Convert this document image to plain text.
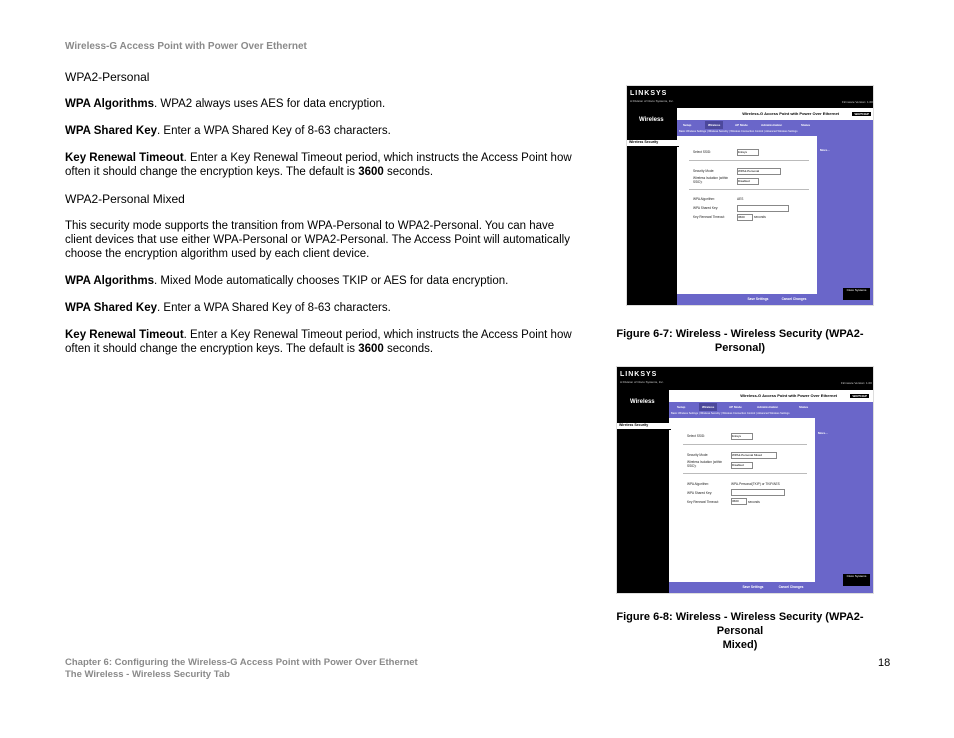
Wireless-G Access Point with Power Over Ethernet

WPA2-Personal

WPA Algorithms. WPA2 always uses AES for data encryption.

WPA Shared Key. Enter a WPA Shared Key of 8-63 characters.

Key Renewal Timeout. Enter a Key Renewal Timeout period, which instructs the Access Point how often it should change the encryption keys. The default is 3600 seconds.

WPA2-Personal Mixed

This security mode supports the transition from WPA-Personal to WPA2-Personal. You can have client devices that use either WPA-Personal or WPA2-Personal. The Access Point will automatically choose the encryption algorithm used by each client device.

WPA Algorithms. Mixed Mode automatically chooses TKIP or AES for data encryption.

WPA Shared Key. Enter a WPA Shared Key of 8-63 characters.

Key Renewal Timeout. Enter a Key Renewal Timeout period, which instructs the Access Point how often it should change the encryption keys. The default is 3600 seconds.

LINKSYS
A Division of Cisco Systems, Inc.	Firmware Version: 1.00
Wireless-G Access Point with Power Over Ethernet	WAP54GP
Wireless
Setup	Wireless	AP Mode	Administration	Status
Basic Wireless Settings | Wireless Security | Wireless Connection Control | Advanced Wireless Settings
Wireless Security
More...
Select SSID:	linksys
Security Mode:	WPA2-Personal
Wireless Isolation (within SSID):	Disabled
WPA Algorithm:	AES
WPA Shared Key:
Key Renewal Timeout:	3600	seconds
Save Settings	Cancel Changes
Cisco Systems
Figure 6-7: Wireless - Wireless Security (WPA2-
Personal)
LINKSYS
A Division of Cisco Systems, Inc.	Firmware Version: 1.00
Wireless-G Access Point with Power Over Ethernet	WAP54GP
Wireless
Setup	Wireless	AP Mode	Administration	Status
Basic Wireless Settings | Wireless Security | Wireless Connection Control | Advanced Wireless Settings
Wireless Security
More...
Select SSID:	linksys
Security Mode:	WPA2-Personal Mixed
Wireless Isolation (within SSID):	Disabled
WPA Algorithm:	WPA-Personal(TKIP) or TKIP/AES
WPA Shared Key:
Key Renewal Timeout:	3600	seconds
Save Settings	Cancel Changes
Cisco Systems
Figure 6-8: Wireless - Wireless Security (WPA2-Personal
Mixed)
Chapter 6: Configuring the Wireless-G Access Point with Power Over Ethernet
The Wireless - Wireless Security Tab
18
